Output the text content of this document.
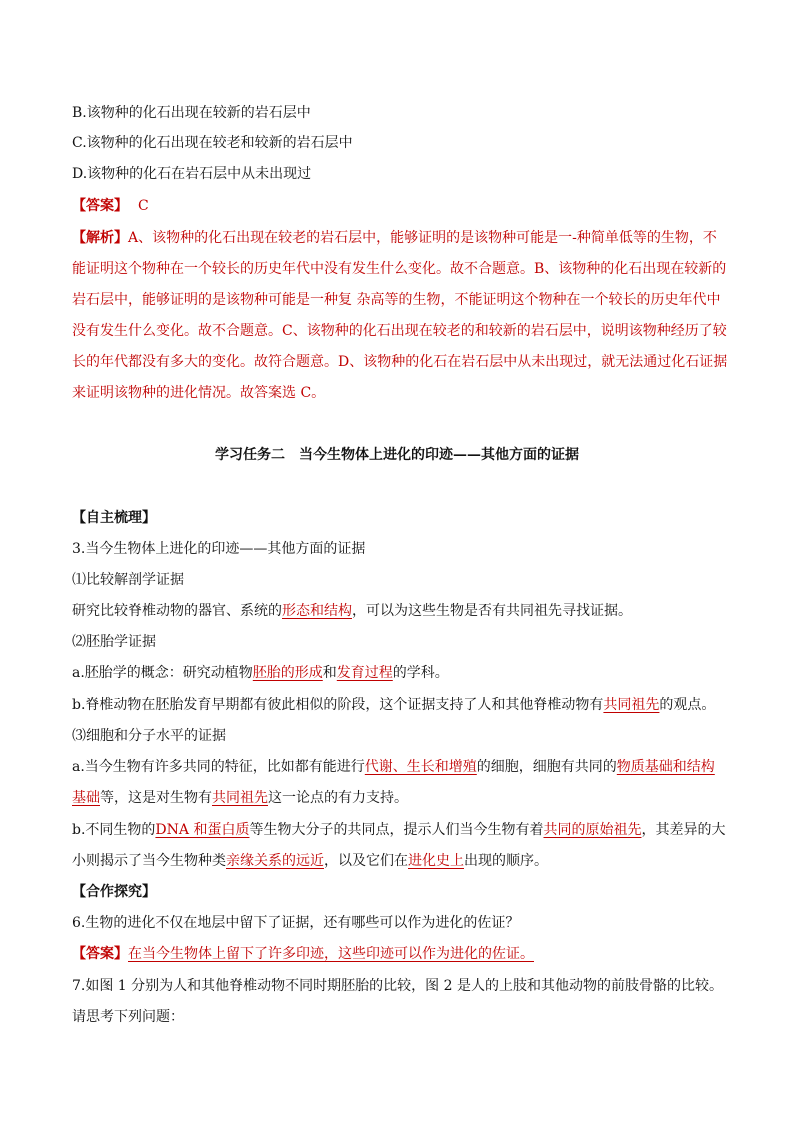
B.该物种的化石出现在较新的岩石层中
C.该物种的化石出现在较老和较新的岩石层中
D.该物种的化石在岩石层中从未出现过
【答案】 C
【解析】A、该物种的化石出现在较老的岩石层中，能够证明的是该物种可能是一-种简单低等的生物，不
能证明这个物种在一个较长的历史年代中没有发生什么变化。故不合题意。B、该物种的化石出现在较新的
岩石层中，能够证明的是该物种可能是一种复 杂高等的生物，不能证明这个物种在一个较长的历史年代中
没有发生什么变化。故不合题意。C、该物种的化石出现在较老的和较新的岩石层中，说明该物种经历了较
长的年代都没有多大的变化。故符合题意。D、该物种的化石在岩石层中从未出现过，就无法通过化石证据
来证明该物种的进化情况。故答案选 C。
学习任务二　当今生物体上进化的印迹——其他方面的证据
【自主梳理】
3.当今生物体上进化的印迹——其他方面的证据
⑴比较解剖学证据
研究比较脊椎动物的器官、系统的形态和结构，可以为这些生物是否有共同祖先寻找证据。
⑵胚胎学证据
a.胚胎学的概念：研究动植物胚胎的形成和发育过程的学科。
b.脊椎动物在胚胎发育早期都有彼此相似的阶段，这个证据支持了人和其他脊椎动物有共同祖先的观点。
⑶细胞和分子水平的证据
a.当今生物有许多共同的特征，比如都有能进行代谢、生长和增殖的细胞，细胞有共同的物质基础和结构
基础等，这是对生物有共同祖先这一论点的有力支持。
b.不同生物的DNA 和蛋白质等生物大分子的共同点，提示人们当今生物有着共同的原始祖先，其差异的大
小则揭示了当今生物种类亲缘关系的远近，以及它们在进化史上出现的顺序。
【合作探究】
6.生物的进化不仅在地层中留下了证据，还有哪些可以作为进化的佐证？
【答案】在当今生物体上留下了许多印迹，这些印迹可以作为进化的佐证。
7.如图 1 分别为人和其他脊椎动物不同时期胚胎的比较，图 2 是人的上肢和其他动物的前肢骨骼的比较。
请思考下列问题：
